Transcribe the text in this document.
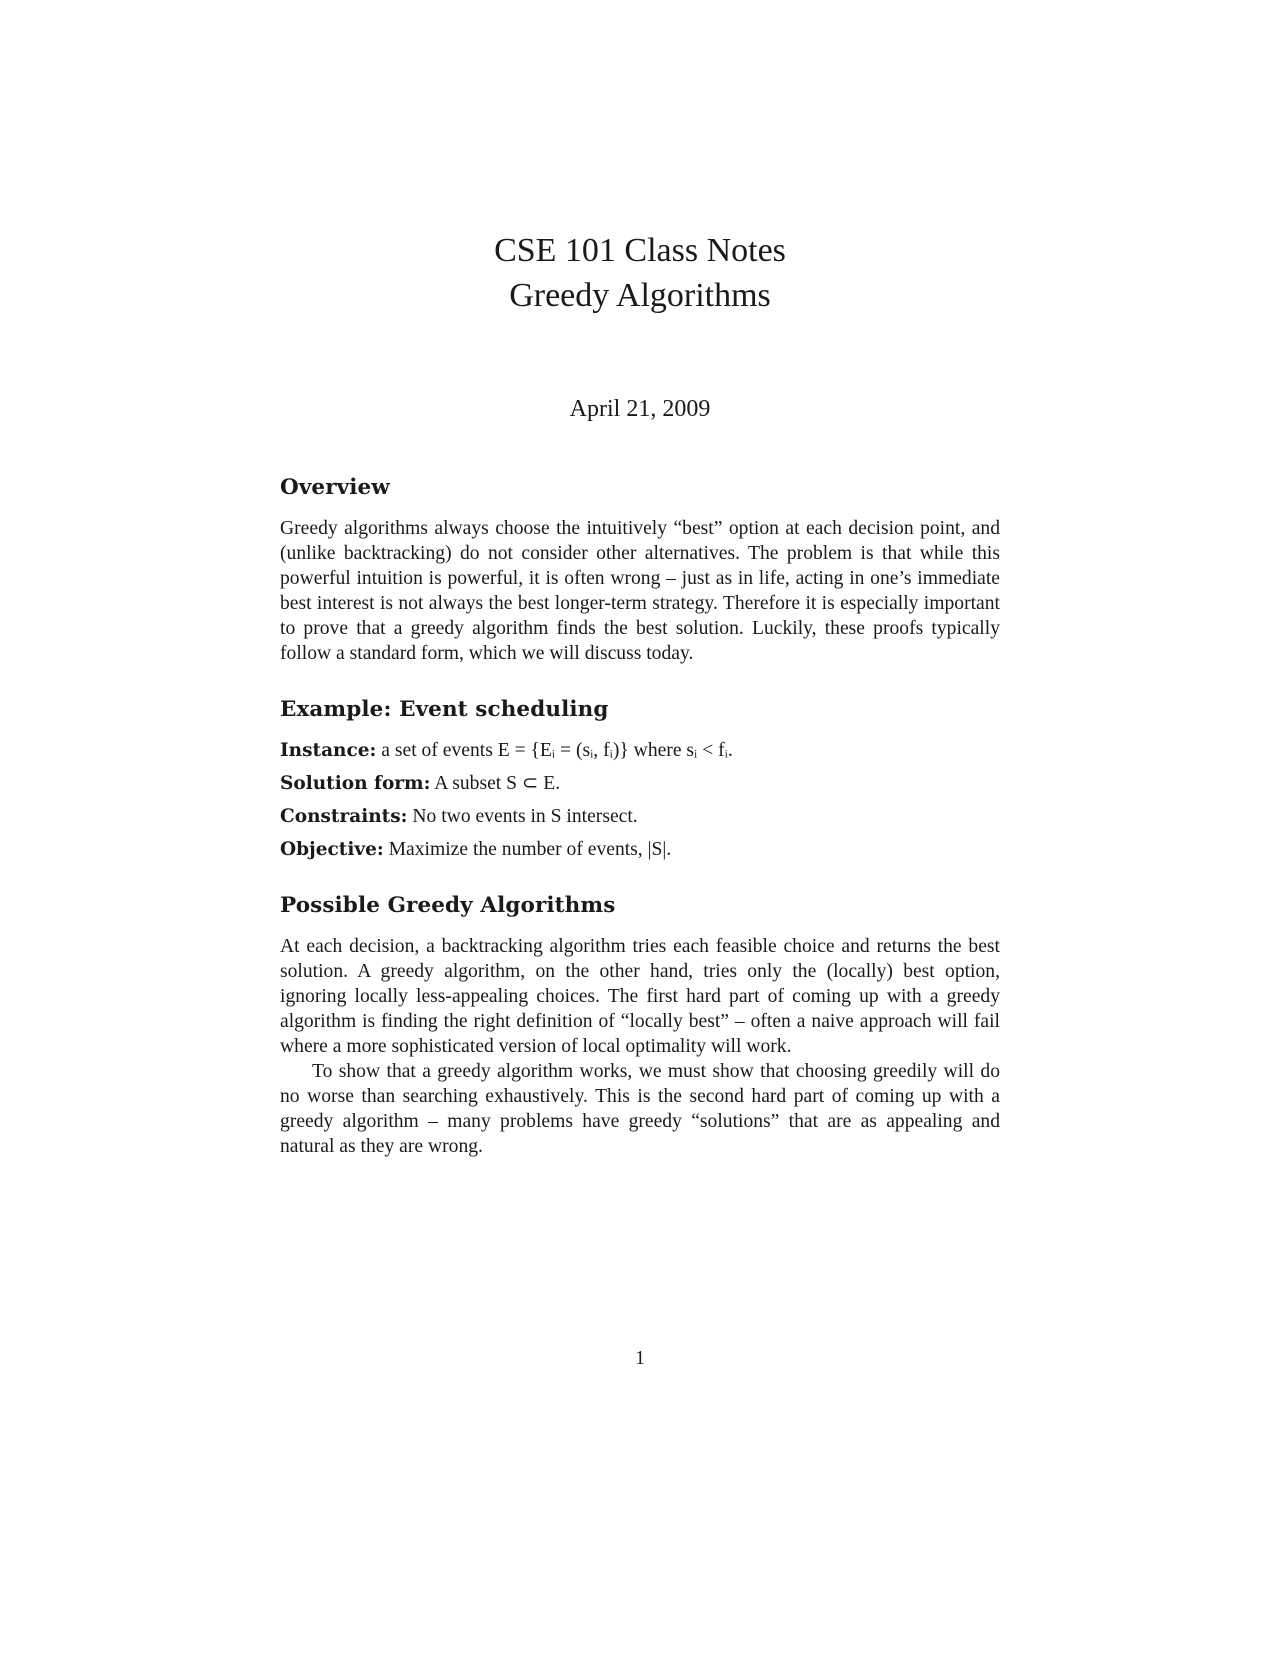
CSE 101 Class Notes
Greedy Algorithms
April 21, 2009
Overview

Greedy algorithms always choose the intuitively “best” option at each decision point, and (unlike backtracking) do not consider other alternatives. The problem is that while this powerful intuition is powerful, it is often wrong – just as in life, acting in one’s immediate best interest is not always the best longer-term strategy. Therefore it is especially important to prove that a greedy algorithm finds the best solution. Luckily, these proofs typically follow a standard form, which we will discuss today.

Example: Event scheduling
Instance: a set of events E = {Eᵢ = (sᵢ, fᵢ)} where sᵢ < fᵢ.
Solution form: A subset S ⊂ E.
Constraints: No two events in S intersect.
Objective: Maximize the number of events, |S|.
Possible Greedy Algorithms

At each decision, a backtracking algorithm tries each feasible choice and returns the best solution. A greedy algorithm, on the other hand, tries only the (locally) best option, ignoring locally less-appealing choices. The first hard part of coming up with a greedy algorithm is finding the right definition of “locally best” – often a naive approach will fail where a more sophisticated version of local optimality will work.

To show that a greedy algorithm works, we must show that choosing greedily will do no worse than searching exhaustively. This is the second hard part of coming up with a greedy algorithm – many problems have greedy “solutions” that are as appealing and natural as they are wrong.

1
